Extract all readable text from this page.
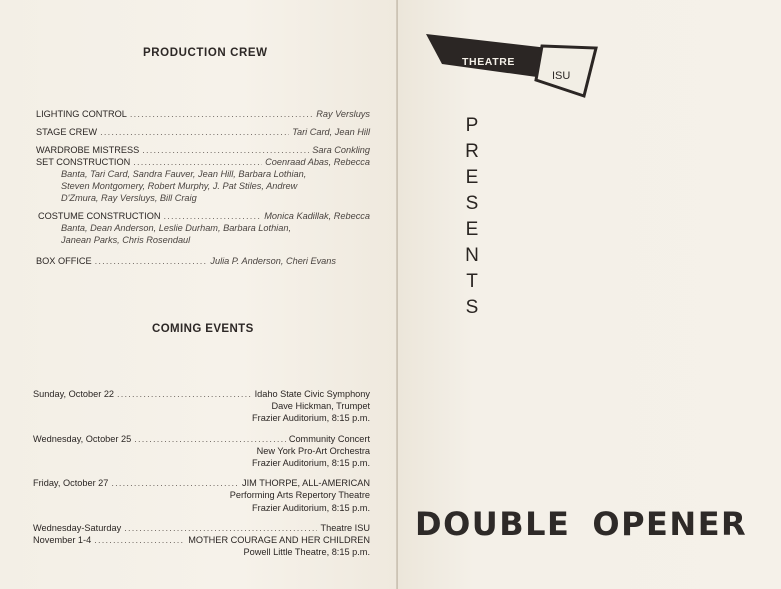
PRODUCTION CREW
LIGHTING CONTROL .....	Ray Versluys
STAGE CREW .....	Tari Card, Jean Hill
WARDROBE MISTRESS .....	Sara Conkling
SET CONSTRUCTION .....	Coenraad Abas, Rebecca
Banta, Tari Card, Sandra Fauver, Jean Hill, Barbara Lothian,
Steven Montgomery, Robert Murphy, J. Pat Stiles, Andrew
D'Zmura, Ray Versluys, Bill Craig
COSTUME CONSTRUCTION .....	Monica Kadillak, Rebecca
Banta, Dean Anderson, Leslie Durham, Barbara Lothian,
Janean Parks, Chris Rosendaul
BOX OFFICE .....	Julia P. Anderson, Cheri Evans
COMING EVENTS
Sunday, October 22 .....	Idaho State Civic Symphony
Dave Hickman, Trumpet
Frazier Auditorium, 8:15 p.m.
Wednesday, October 25 .....	Community Concert
New York Pro-Art Orchestra
Frazier Auditorium, 8:15 p.m.
Friday, October 27 .....	JIM THORPE, ALL-AMERICAN
Performing Arts Repertory Theatre
Frazier Auditorium, 8:15 p.m.
Wednesday-Saturday .....	Theatre ISU
November 1-4 .....	MOTHER COURAGE AND HER CHILDREN
Powell Little Theatre, 8:15 p.m.
THEATRE
ISU
P
R
E
S
E
N
T
S
DOUBLE OPENER
